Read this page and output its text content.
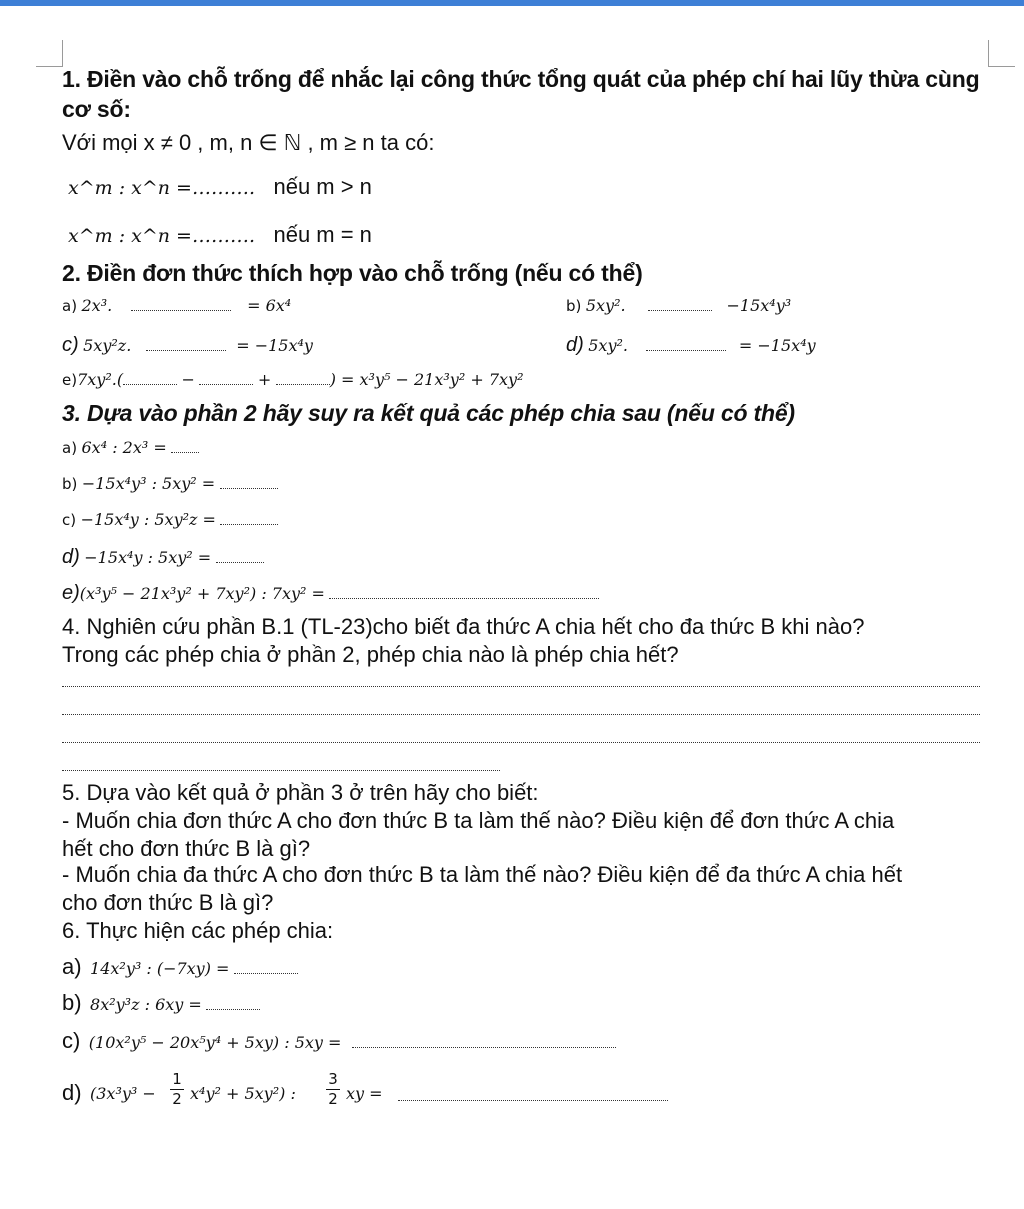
1. Điền vào chỗ trống để nhắc lại công thức tổng quát của phép chí hai lũy thừa cùng
cơ số:
Với mọi x ≠ 0 , m, n ∈ ℕ , m ≥ n ta có:
x^m : x^n =………. nếu m > n
x^m : x^n =………. nếu m = n
2. Điền đơn thức thích hợp vào chỗ trống (nếu có thể)
a) 2x³.	= 6x⁴	b) 5xy².	−15x⁴y³
c) 5xy²z.	= −15x⁴y	d) 5xy².	= −15x⁴y
e)7xy².(	−	+	) = x³y⁵ − 21x³y² + 7xy²
3. Dựa vào phần 2 hãy suy ra kết quả các phép chia sau (nếu có thể)
a) 6x⁴ : 2x³ =
b) −15x⁴y³ : 5xy² =
c) −15x⁴y : 5xy²z =
d) −15x⁴y : 5xy² =
e)(x³y⁵ − 21x³y² + 7xy²) : 7xy² =
4. Nghiên cứu phần B.1 (TL-23)cho biết đa thức A chia hết cho đa thức B khi nào?
Trong các phép chia ở phần 2, phép chia nào là phép chia hết?
5. Dựa vào kết quả ở phần 3 ở trên hãy cho biết:
- Muốn chia đơn thức A cho đơn thức B ta làm thế nào? Điều kiện để đơn thức A chia
hết cho đơn thức B là gì?
- Muốn chia đa thức A cho đơn thức B ta làm thế nào? Điều kiện để đa thức A chia hết
cho đơn thức B là gì?
6. Thực hiện các phép chia:
a) 14x²y³ : (−7xy) =
b) 8x²y³z : 6xy =
c) (10x²y⁵ − 20x⁵y⁴ + 5xy) : 5xy =
d) $(3x^3y^3 - \frac{1}{2} x^4y^2 + 5xy^2)$ : $\frac{3}{2}$ xy =
